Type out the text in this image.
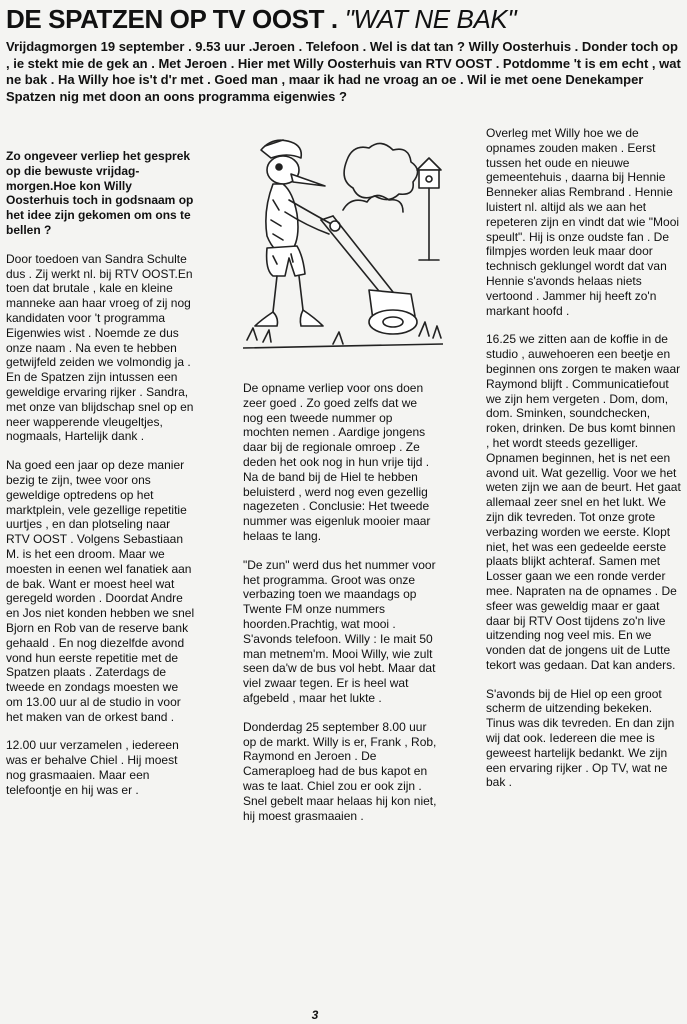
DE SPATZEN OP TV OOST . "WAT NE BAK"
Vrijdagmorgen 19 september . 9.53 uur .Jeroen . Telefoon . Wel is dat tan ? Willy Oosterhuis . Donder toch op , ie stekt mie de gek an . Met Jeroen . Hier met Willy Oosterhuis van RTV OOST . Potdomme 't is em echt , wat ne bak . Ha Willy hoe is't d'r met . Goed man , maar ik had ne vroag an oe . Wil ie met oene Denekamper Spatzen nig met doon an oons programma eigenwies ?

Zo ongeveer verliep het gesprek op die bewuste vrijdag-morgen.Hoe kon Willy Oosterhuis toch in godsnaam op het idee zijn gekomen om ons te bellen ?

Door toedoen van Sandra Schulte dus . Zij werkt nl. bij RTV OOST.En toen dat brutale , kale en kleine manneke aan haar vroeg of zij nog kandidaten voor 't programma Eigenwies wist . Noemde ze dus onze naam . Na even te hebben getwijfeld zeiden we volmondig ja . En de Spatzen zijn intussen een geweldige ervaring rijker . Sandra, met onze van blijdschap snel op en neer wapperende vleugeltjes, nogmaals, Hartelijk dank .

Na goed een jaar op deze manier bezig te zijn, twee voor ons geweldige optredens op het marktplein, vele gezellige repetitie uurtjes , en dan plotseling naar RTV OOST . Volgens Sebastiaan M. is het een droom. Maar we moesten in eenen wel fanatiek aan de bak. Want er moest heel wat geregeld worden . Doordat Andre en Jos niet konden hebben we snel Bjorn en Rob van de reserve bank gehaald . En nog diezelfde avond vond hun eerste repetitie met de Spatzen plaats . Zaterdags de tweede en zondags moesten we om 13.00 uur al de studio in voor het maken van de orkest band .

12.00 uur verzamelen , iedereen was er behalve Chiel . Hij moest nog grasmaaien. Maar een telefoontje en hij was er .

De opname verliep voor ons doen zeer goed . Zo goed zelfs dat we nog een tweede nummer op mochten nemen . Aardige jongens daar bij de regionale omroep . Ze deden het ook nog in hun vrije tijd . Na de band bij de Hiel te hebben beluisterd , werd nog even gezellig nagezeten . Conclusie: Het tweede nummer was eigenluk mooier maar helaas te lang.

"De zun" werd dus het nummer voor het programma. Groot was onze verbazing toen we maandags op Twente FM onze nummers hoorden.Prachtig, wat mooi . S'avonds telefoon. Willy : Ie mait 50 man metnem'm. Mooi Willy, wie zult seen da'w de bus vol hebt. Maar dat viel zwaar tegen. Er is heel wat afgebeld , maar het lukte .

Donderdag 25 september 8.00 uur op de markt. Willy is er, Frank , Rob, Raymond en Jeroen . De Cameraploeg had de bus kapot en was te laat. Chiel zou er ook zijn . Snel gebelt maar helaas hij kon niet, hij moest grasmaaien .

Overleg met Willy hoe we de opnames zouden maken . Eerst tussen het oude en nieuwe gemeentehuis , daarna bij Hennie Benneker alias Rembrand . Hennie luistert nl. altijd als we aan het repeteren zijn en vindt dat wie "Mooi speult". Hij is onze oudste fan . De filmpjes worden leuk maar door technisch geklungel wordt dat van Hennie s'avonds helaas niets vertoond . Jammer hij heeft zo'n markant hoofd .

16.25 we zitten aan de koffie in de studio , auwehoeren een beetje en beginnen ons zorgen te maken waar Raymond blijft . Communicatiefout we zijn hem vergeten . Dom, dom, dom. Sminken, soundchecken, roken, drinken. De bus komt binnen , het wordt steeds gezelliger. Opnamen beginnen, het is net een avond uit. Wat gezellig. Voor we het weten zijn we aan de beurt. Het gaat allemaal zeer snel en het lukt. We zijn dik tevreden. Tot onze grote verbazing worden we eerste. Klopt niet, het was een gedeelde eerste plaats blijkt achteraf. Samen met Losser gaan we een ronde verder mee. Napraten na de opnames . De sfeer was geweldig maar er gaat daar bij RTV Oost tijdens zo'n live uitzending nog veel mis. En we vonden dat de jongens uit de Lutte tekort was gedaan. Dat kan anders.

S'avonds bij de Hiel op een groot scherm de uitzending bekeken. Tinus was dik tevreden. En dan zijn wij dat ook. Iedereen die mee is geweest hartelijk bedankt. We zijn een ervaring rijker . Op TV, wat ne bak .

3
